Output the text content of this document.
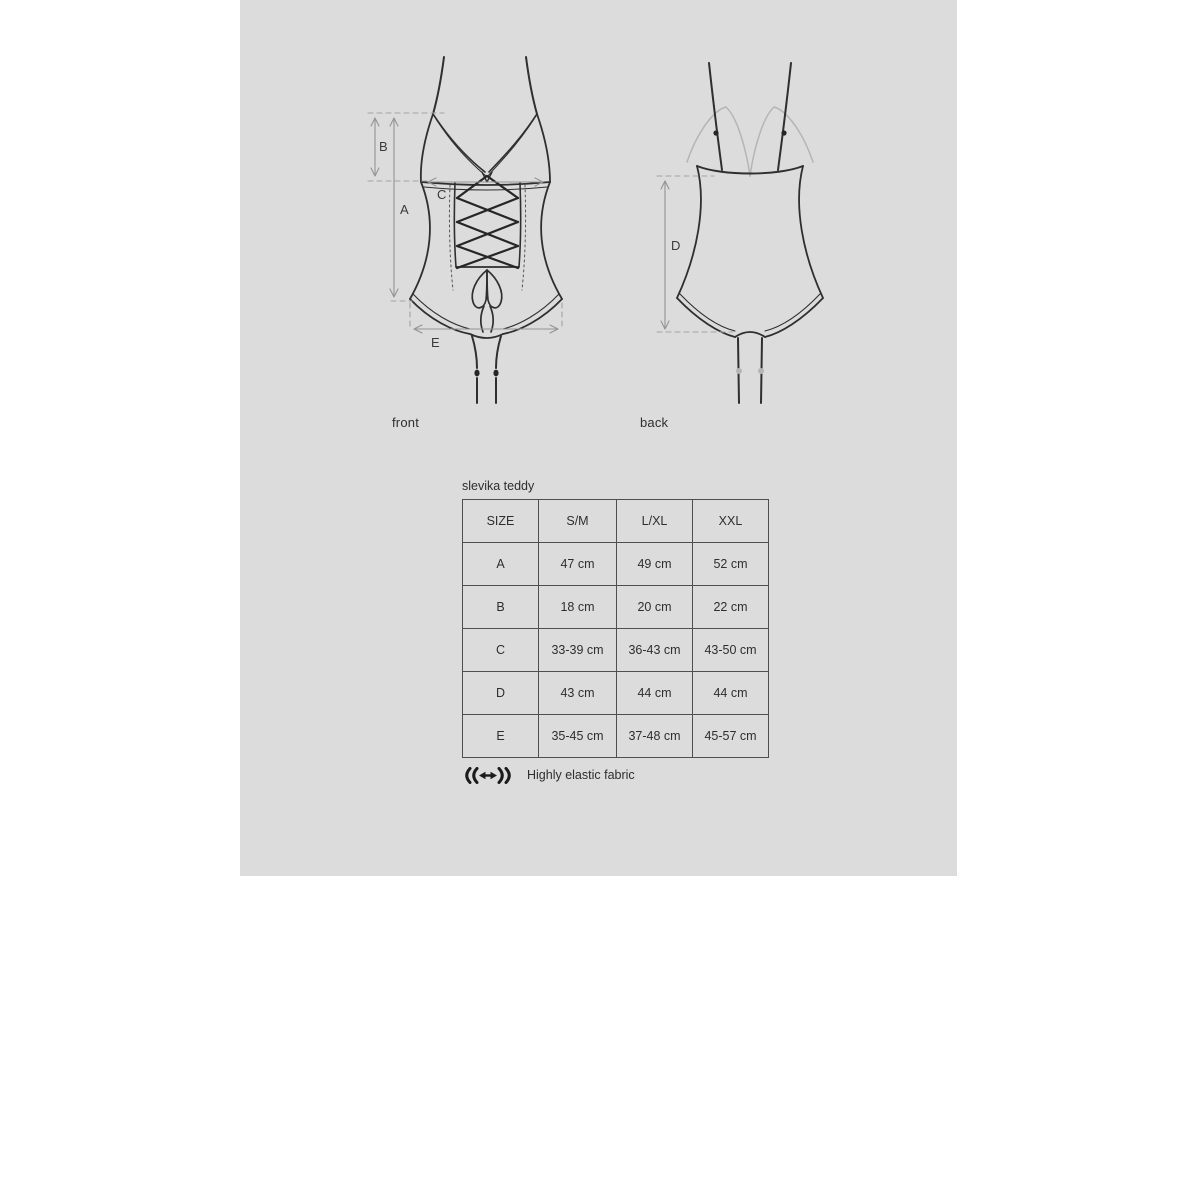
B
A
C
E
D
front	back
slevika teddy
SIZE	S/M	L/XL	XXL
A	47 cm	49 cm	52 cm
B	18 cm	20 cm	22 cm
C	33-39 cm	36-43 cm	43-50 cm
D	43 cm	44 cm	44 cm
E	35-45 cm	37-48 cm	45-57 cm
Highly elastic fabric
